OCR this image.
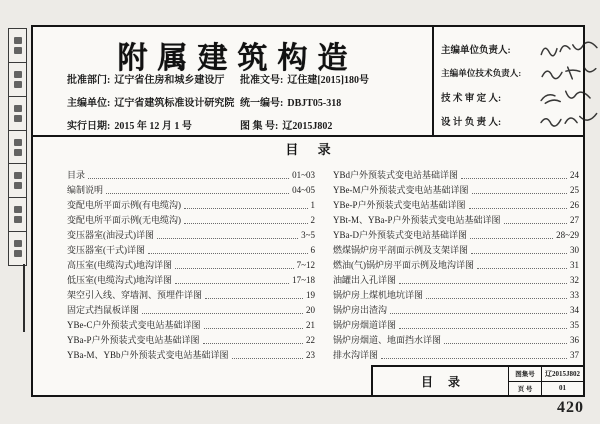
附属建筑构造
批准部门: 辽宁省住房和城乡建设厅 批准文号: 辽住建[2015]180号
主编单位: 辽宁省建筑标准设计研究院 统一编号: DBJT05-318
实行日期: 2015 年 12 月 1 号	图 集 号: 辽2015J802
主编单位负责人:
主编单位技术负责人:
技 术 审 定 人:
设 计 负 责 人:
目 录
目录	01~03
编制说明	04~05
变配电所平面示例(有电缆沟)	1
变配电所平面示例(无电缆沟)	2
变压器室(油浸式)详图	3~5
变压器室(干式)详图	6
高压室(电缆沟式)地沟详图	7~12
低压室(电缆沟式)地沟详图	17~18
架空引入线、穿墙洞、预埋件详图	19
固定式挡鼠板详图	20
YBe-C户外预装式变电站基础详图	21
YBa-P户外预装式变电站基础详图	22
YBa-M、YBb户外预装式变电站基础详图	23
YBd户外预装式变电站基础详图	24
YBe-M户外预装式变电站基础详图	25
YBe-P户外预装式变电站基础详图	26
YBt-M、YBa-P户外预装式变电站基础详图	27
YBa-D户外预装式变电站基础详图	28~29
燃煤锅炉房平剖面示例及支架详图	30
燃油(气)锅炉房平面示例及地沟详图	31
油罐出入孔详图	32
锅炉房上煤机地坑详图	33
锅炉房出渣沟	34
锅炉房烟道详图	35
锅炉房烟道、地面挡水详图	36
排水沟详图	37
目 录	图集号	辽2015J802
页 号	01
420
